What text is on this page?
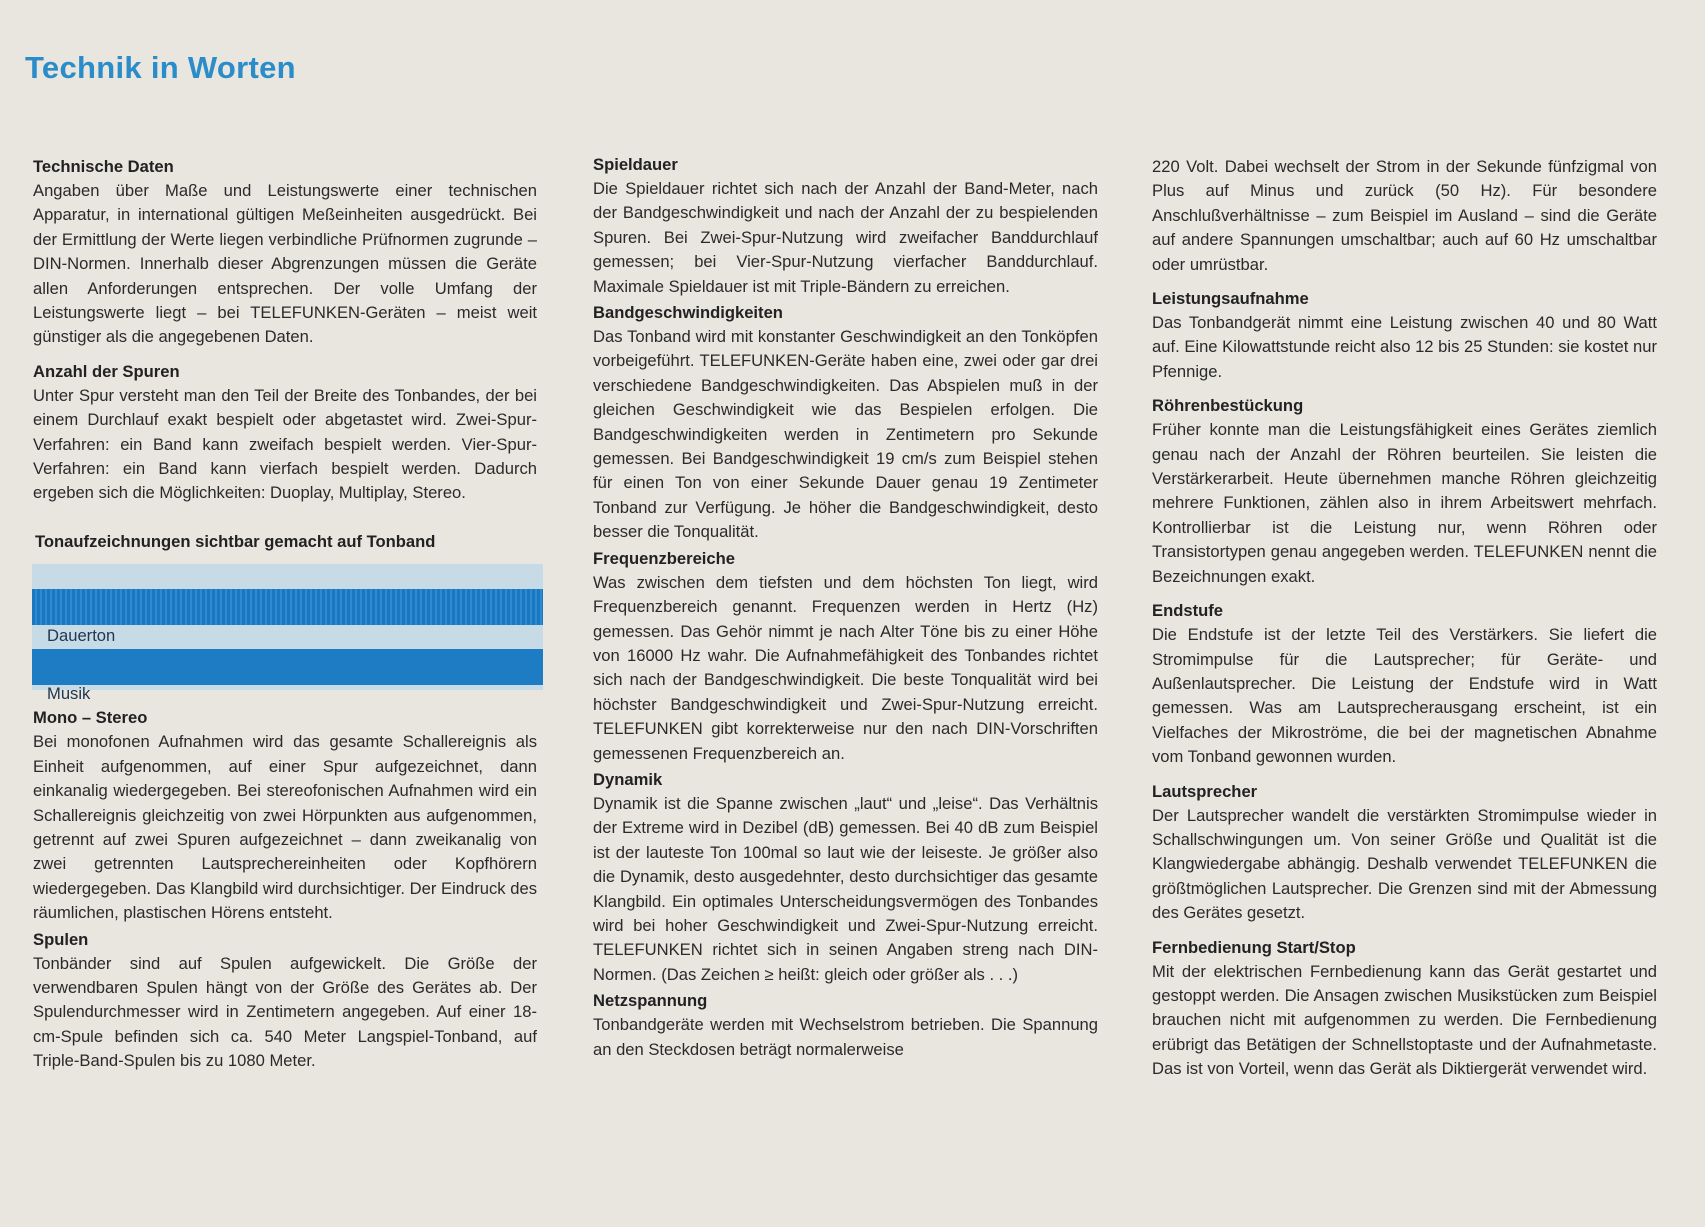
Technik in Worten
Technische Daten

Angaben über Maße und Leistungswerte einer technischen Apparatur, in international gültigen Meßeinheiten ausgedrückt. Bei der Ermittlung der Werte liegen verbindliche Prüfnormen zugrunde – DIN-Normen. Innerhalb dieser Abgrenzungen müssen die Geräte allen Anforderungen entsprechen. Der volle Umfang der Leistungswerte liegt – bei TELEFUNKEN-Geräten – meist weit günstiger als die angegebenen Daten.

Anzahl der Spuren

Unter Spur versteht man den Teil der Breite des Tonbandes, der bei einem Durchlauf exakt bespielt oder abgetastet wird. Zwei-Spur-Verfahren: ein Band kann zweifach bespielt werden. Vier-Spur-Verfahren: ein Band kann vierfach bespielt werden. Dadurch ergeben sich die Möglichkeiten: Duoplay, Multiplay, Stereo.

Tonaufzeichnungen sichtbar gemacht auf Tonband
Dauerton
Musik
Mono – Stereo

Bei monofonen Aufnahmen wird das gesamte Schallereignis als Einheit aufgenommen, auf einer Spur aufgezeichnet, dann einkanalig wiedergegeben. Bei stereofonischen Aufnahmen wird ein Schallereignis gleichzeitig von zwei Hörpunkten aus aufgenommen, getrennt auf zwei Spuren aufgezeichnet – dann zweikanalig von zwei getrennten Lautsprechereinheiten oder Kopfhörern wiedergegeben. Das Klangbild wird durchsichtiger. Der Eindruck des räumlichen, plastischen Hörens entsteht.

Spulen

Tonbänder sind auf Spulen aufgewickelt. Die Größe der verwendbaren Spulen hängt von der Größe des Gerätes ab. Der Spulendurchmesser wird in Zentimetern angegeben. Auf einer 18-cm-Spule befinden sich ca. 540 Meter Langspiel-Tonband, auf Triple-Band-Spulen bis zu 1080 Meter.

Spieldauer

Die Spieldauer richtet sich nach der Anzahl der Band-Meter, nach der Bandgeschwindigkeit und nach der Anzahl der zu bespielenden Spuren. Bei Zwei-Spur-Nutzung wird zweifacher Banddurchlauf gemessen; bei Vier-Spur-Nutzung vierfacher Banddurchlauf. Maximale Spieldauer ist mit Triple-Bändern zu erreichen.

Bandgeschwindigkeiten

Das Tonband wird mit konstanter Geschwindigkeit an den Tonköpfen vorbeigeführt. TELEFUNKEN-Geräte haben eine, zwei oder gar drei verschiedene Bandgeschwindigkeiten. Das Abspielen muß in der gleichen Geschwindigkeit wie das Bespielen erfolgen. Die Bandgeschwindigkeiten werden in Zentimetern pro Sekunde gemessen. Bei Bandgeschwindigkeit 19 cm/s zum Beispiel stehen für einen Ton von einer Sekunde Dauer genau 19 Zentimeter Tonband zur Verfügung. Je höher die Bandgeschwindigkeit, desto besser die Tonqualität.

Frequenzbereiche

Was zwischen dem tiefsten und dem höchsten Ton liegt, wird Frequenzbereich genannt. Frequenzen werden in Hertz (Hz) gemessen. Das Gehör nimmt je nach Alter Töne bis zu einer Höhe von 16000 Hz wahr. Die Aufnahmefähigkeit des Tonbandes richtet sich nach der Bandgeschwindigkeit. Die beste Tonqualität wird bei höchster Bandgeschwindigkeit und Zwei-Spur-Nutzung erreicht. TELEFUNKEN gibt korrekterweise nur den nach DIN-Vorschriften gemessenen Frequenzbereich an.

Dynamik

Dynamik ist die Spanne zwischen „laut“ und „leise“. Das Verhältnis der Extreme wird in Dezibel (dB) gemessen. Bei 40 dB zum Beispiel ist der lauteste Ton 100mal so laut wie der leiseste. Je größer also die Dynamik, desto ausgedehnter, desto durchsichtiger das gesamte Klangbild. Ein optimales Unterscheidungsvermögen des Tonbandes wird bei hoher Geschwindigkeit und Zwei-Spur-Nutzung erreicht. TELEFUNKEN richtet sich in seinen Angaben streng nach DIN-Normen. (Das Zeichen ≥ heißt: gleich oder größer als . . .)

Netzspannung

Tonbandgeräte werden mit Wechselstrom betrieben. Die Spannung an den Steckdosen beträgt normalerweise

220 Volt. Dabei wechselt der Strom in der Sekunde fünfzigmal von Plus auf Minus und zurück (50 Hz). Für besondere Anschlußverhältnisse – zum Beispiel im Ausland – sind die Geräte auf andere Spannungen umschaltbar; auch auf 60 Hz umschaltbar oder umrüstbar.

Leistungsaufnahme

Das Tonbandgerät nimmt eine Leistung zwischen 40 und 80 Watt auf. Eine Kilowattstunde reicht also 12 bis 25 Stunden: sie kostet nur Pfennige.

Röhrenbestückung

Früher konnte man die Leistungsfähigkeit eines Gerätes ziemlich genau nach der Anzahl der Röhren beurteilen. Sie leisten die Verstärkerarbeit. Heute übernehmen manche Röhren gleichzeitig mehrere Funktionen, zählen also in ihrem Arbeitswert mehrfach. Kontrollierbar ist die Leistung nur, wenn Röhren oder Transistortypen genau angegeben werden. TELEFUNKEN nennt die Bezeichnungen exakt.

Endstufe

Die Endstufe ist der letzte Teil des Verstärkers. Sie liefert die Stromimpulse für die Lautsprecher; für Geräte- und Außenlautsprecher. Die Leistung der Endstufe wird in Watt gemessen. Was am Lautsprecherausgang erscheint, ist ein Vielfaches der Mikroströme, die bei der magnetischen Abnahme vom Tonband gewonnen wurden.

Lautsprecher

Der Lautsprecher wandelt die verstärkten Stromimpulse wieder in Schallschwingungen um. Von seiner Größe und Qualität ist die Klangwiedergabe abhängig. Deshalb verwendet TELEFUNKEN die größtmöglichen Lautsprecher. Die Grenzen sind mit der Abmessung des Gerätes gesetzt.

Fernbedienung Start/Stop

Mit der elektrischen Fernbedienung kann das Gerät gestartet und gestoppt werden. Die Ansagen zwischen Musikstücken zum Beispiel brauchen nicht mit aufgenommen zu werden. Die Fernbedienung erübrigt das Betätigen der Schnellstoptaste und der Aufnahmetaste. Das ist von Vorteil, wenn das Gerät als Diktiergerät verwendet wird.
